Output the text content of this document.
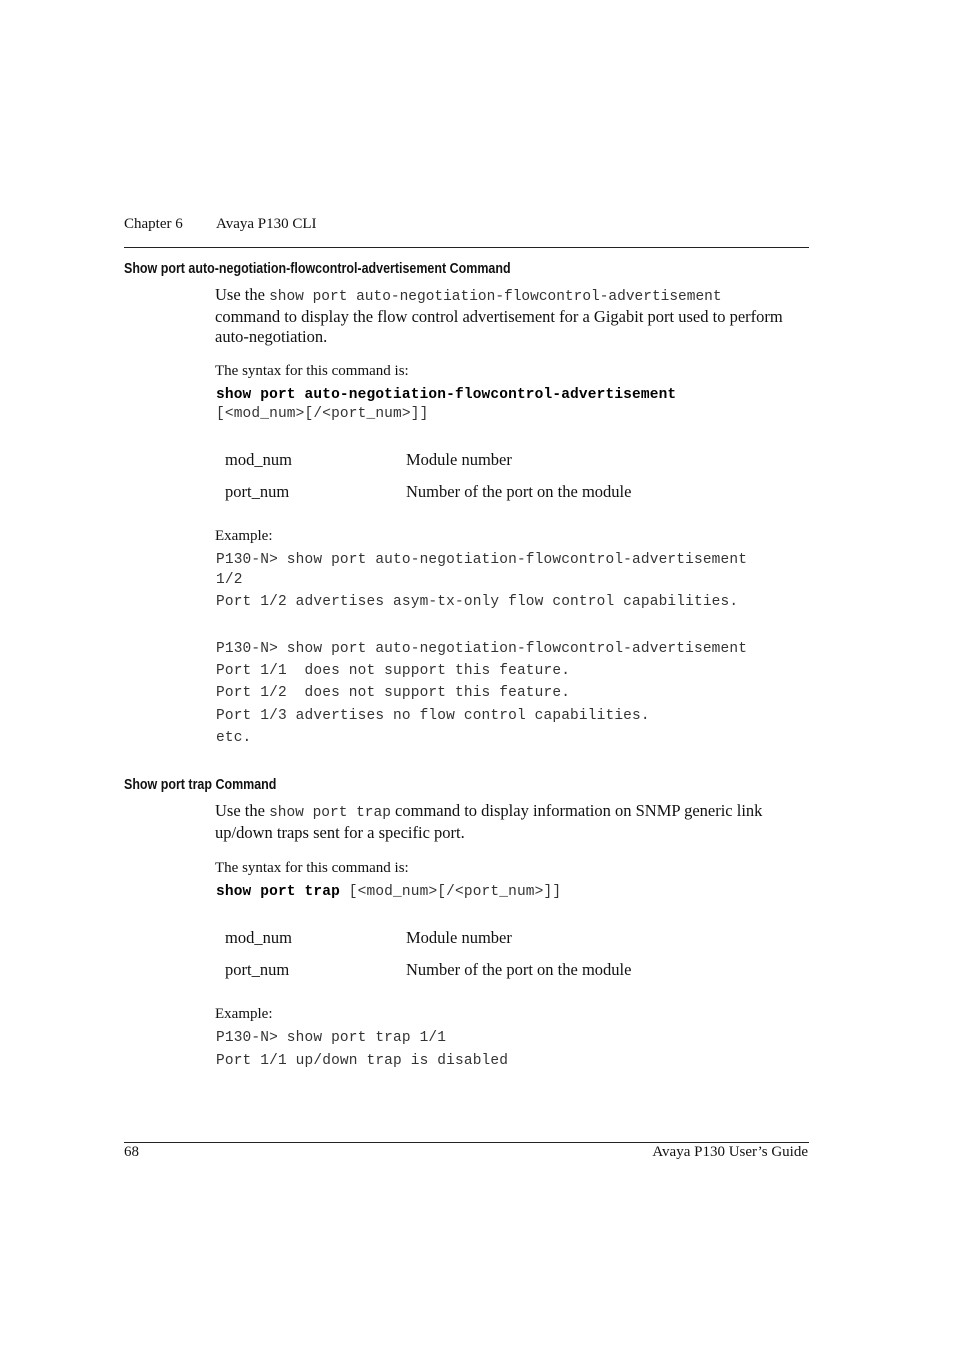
Chapter 6 Avaya P130 CLI
Show port auto-negotiation-flowcontrol-advertisement Command
Use the show port auto-negotiation-flowcontrol-advertisement
command to display the flow control advertisement for a Gigabit port used to perform auto-negotiation.
The syntax for this command is:
show port auto-negotiation-flowcontrol-advertisement
[<mod_num>[/<port_num>]]
mod_num	Module number
port_num	Number of the port on the module
Example:
P130-N> show port auto-negotiation-flowcontrol-advertisement
1/2
Port 1/2 advertises asym-tx-only flow control capabilities.
P130-N> show port auto-negotiation-flowcontrol-advertisement
Port 1/1  does not support this feature.
Port 1/2  does not support this feature.
Port 1/3 advertises no flow control capabilities.
etc.
Show port trap Command
Use the show port trap command to display information on SNMP generic link up/down traps sent for a specific port.
The syntax for this command is:
show port trap [<mod_num>[/<port_num>]]
mod_num	Module number
port_num	Number of the port on the module
Example:
P130-N> show port trap 1/1
Port 1/1 up/down trap is disabled
68	Avaya P130 User’s Guide
